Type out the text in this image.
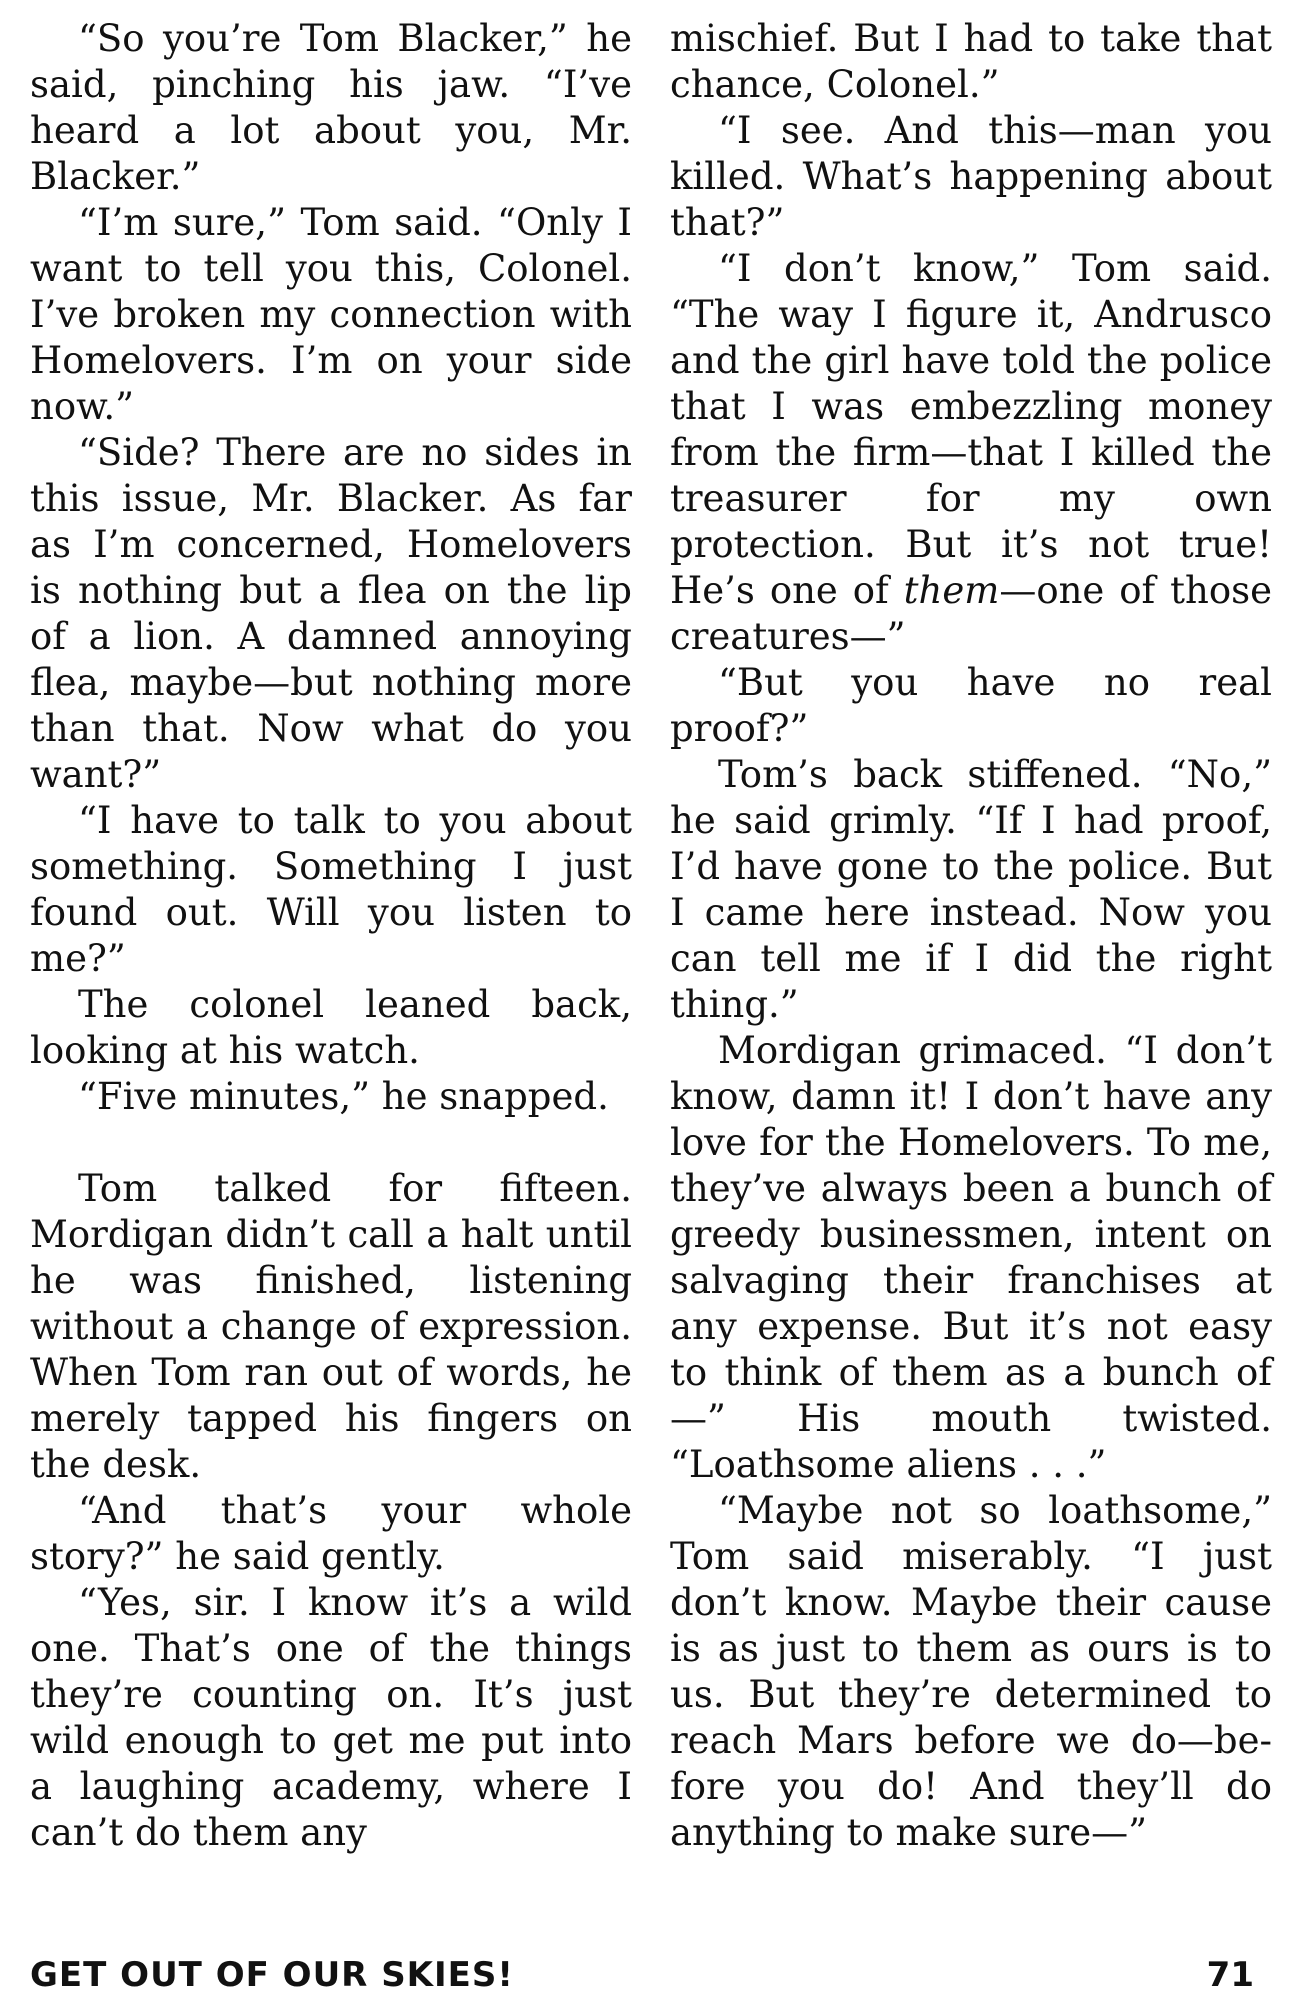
“So you’re Tom Blacker,” he said, pinching his jaw. “I’ve heard a lot about you, Mr. Blacker.”

“I’m sure,” Tom said. “Only I want to tell you this, Colonel. I’ve broken my connection with Homelovers. I’m on your side now.”

“Side? There are no sides in this issue, Mr. Blacker. As far as I’m concerned, Homelovers is nothing but a flea on the lip of a lion. A damned annoying flea, maybe—but nothing more than that. Now what do you want?”

“I have to talk to you about something. Something I just found out. Will you listen to me?”

The colonel leaned back, looking at his watch.

“Five minutes,” he snapped.

Tom talked for fifteen. Mordigan didn’t call a halt until he was finished, listening without a change of expression. When Tom ran out of words, he merely tapped his fingers on the desk.

“And that’s your whole story?” he said gently.

“Yes, sir. I know it’s a wild one. That’s one of the things they’re counting on. It’s just wild enough to get me put into a laughing academy, where I can’t do them any

mischief. But I had to take that chance, Colonel.”

“I see. And this—man you killed. What’s happening about that?”

“I don’t know,” Tom said. “The way I figure it, Andrusco and the girl have told the police that I was embezzling money from the firm—that I killed the treasurer for my own protection. But it’s not true! He’s one of them—one of those creatures—”

“But you have no real proof?”

Tom’s back stiffened. “No,” he said grimly. “If I had proof, I’d have gone to the police. But I came here instead. Now you can tell me if I did the right thing.”

Mordigan grimaced. “I don’t know, damn it! I don’t have any love for the Homelovers. To me, they’ve always been a bunch of greedy businessmen, intent on salvaging their franchises at any expense. But it’s not easy to think of them as a bunch of—” His mouth twisted. “Loathsome aliens . . .”

“Maybe not so loathsome,” Tom said miserably. “I just don’t know. Maybe their cause is as just to them as ours is to us. But they’re determined to reach Mars before we do—before you do! And they’ll do anything to make sure—”

GET OUT OF OUR SKIES!	71
